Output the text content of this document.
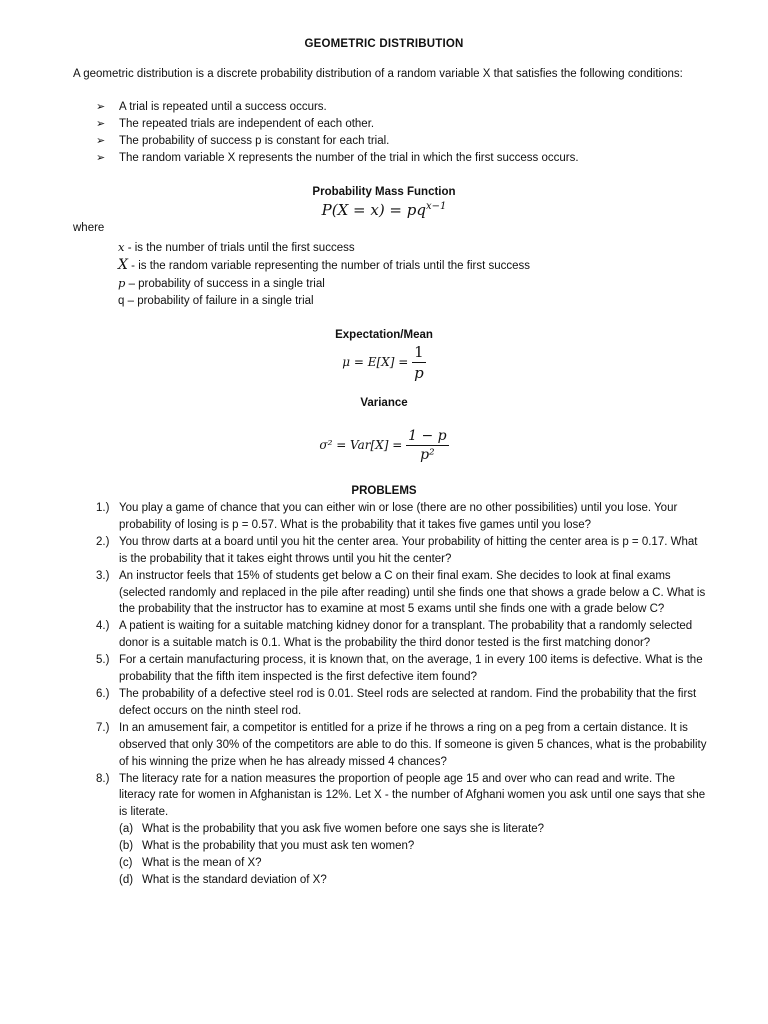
GEOMETRIC DISTRIBUTION
A geometric distribution is a discrete probability distribution of a random variable X that satisfies the following conditions:
➢ A trial is repeated until a success occurs.
➢ The repeated trials are independent of each other.
➢ The probability of success p is constant for each trial.
➢ The random variable X represents the number of the trial in which the first success occurs.
Probability Mass Function
$P(X = x) = pq^{x-1}$
where
x - is the number of trials until the first success
X - is the random variable representing the number of trials until the first success
p – probability of success in a single trial
q – probability of failure in a single trial
Expectation/Mean
$\mu = E[X] = \frac{1}{p}$
Variance
$\sigma^2 = Var[X] = \frac{1 - p}{\text{p²}}$
PROBLEMS
1.) You play a game of chance that you can either win or lose (there are no other possibilities) until you lose. Your probability of losing is p = 0.57. What is the probability that it takes five games until you lose?
2.) You throw darts at a board until you hit the center area. Your probability of hitting the center area is p = 0.17. What is the probability that it takes eight throws until you hit the center?
3.) An instructor feels that 15% of students get below a C on their final exam. She decides to look at final exams (selected randomly and replaced in the pile after reading) until she finds one that shows a grade below a C. What is the probability that the instructor has to examine at most 5 exams until she finds one with a grade below C?
4.) A patient is waiting for a suitable matching kidney donor for a transplant. The probability that a randomly selected donor is a suitable match is 0.1. What is the probability the third donor tested is the first matching donor?
5.) For a certain manufacturing process, it is known that, on the average, 1 in every 100 items is defective. What is the probability that the fifth item inspected is the first defective item found?
6.) The probability of a defective steel rod is 0.01. Steel rods are selected at random. Find the probability that the first defect occurs on the ninth steel rod.
7.) In an amusement fair, a competitor is entitled for a prize if he throws a ring on a peg from a certain distance. It is observed that only 30% of the competitors are able to do this. If someone is given 5 chances, what is the probability of his winning the prize when he has already missed 4 chances?
8.) The literacy rate for a nation measures the proportion of people age 15 and over who can read and write. The literacy rate for women in Afghanistan is 12%. Let X - the number of Afghani women you ask until one says that she is literate.
(a) What is the probability that you ask five women before one says she is literate?
(b) What is the probability that you must ask ten women?
(c) What is the mean of X?
(d) What is the standard deviation of X?
